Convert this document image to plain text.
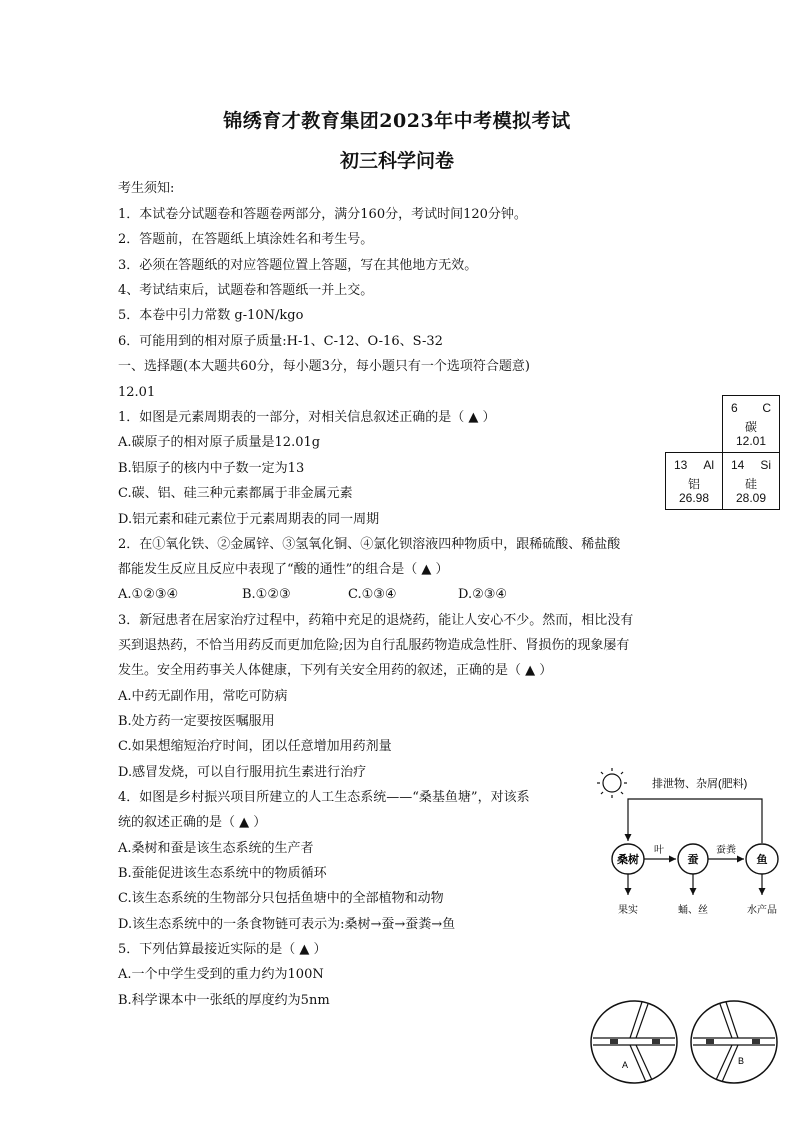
锦绣育才教育集团2023年中考模拟考试
初三科学问卷
考生须知:
1．本试卷分试题卷和答题卷两部分，满分160分，考试时间120分钟。
2．答题前，在答题纸上填涂姓名和考生号。
3．必须在答题纸的对应答题位置上答题，写在其他地方无效。
4、考试结束后，试题卷和答题纸一并上交。
5．本卷中引力常数 g-10N/kgo
6．可能用到的相对原子质量:H-1、C-12、O-16、S-32
一、选择题(本大题共60分，每小题3分，每小题只有一个选项符合题意)
12.01
1．如图是元素周期表的一部分，对相关信息叙述正确的是（ ▲ ）
A.碳原子的相对原子质量是12.01g
B.铝原子的核内中子数一定为13
C.碳、铝、硅三种元素都属于非金属元素
D.铝元素和硅元素位于元素周期表的同一周期
2．在①氧化铁、②金属锌、③氢氧化铜、④氯化钡溶液四种物质中，跟稀硫酸、稀盐酸
都能发生反应且反应中表现了“酸的通性”的组合是（ ▲ ）
A.①②③④	B.①②③	C.①③④	D.②③④
3．新冠患者在居家治疗过程中，药箱中充足的退烧药，能让人安心不少。然而，相比没有
买到退热药，不恰当用药反而更加危险;因为自行乱服药物造成急性肝、肾损伤的现象屡有
发生。安全用药事关人体健康，下列有关安全用药的叙述，正确的是（ ▲ ）
A.中药无副作用，常吃可防病
B.处方药一定要按医嘱服用
C.如果想缩短治疗时间，团以任意增加用药剂量
D.感冒发烧，可以自行服用抗生素进行治疗
4．如图是乡村振兴项目所建立的人工生态系统——“桑基鱼塘”，对该系
统的叙述正确的是（ ▲ ）
A.桑树和蚕是该生态系统的生产者
B.蚕能促进该生态系统中的物质循环
C.该生态系统的生物部分只包括鱼塘中的全部植物和动物
D.该生态系统中的一条食物链可表示为:桑树→蚕→蚕粪→鱼
5．下列估算最接近实际的是（ ▲ ）
A.一个中学生受到的重力约为100N
B.科学课本中一张纸的厚度约为5nm

	6 C
碳
12.01

13 Al
铝
26.98	14 Si
硅
28.09
排泄物、杂屑(肥料)
桑树	蚕	鱼
叶	蚕粪
果实	蛹、丝	水产品
A	B
